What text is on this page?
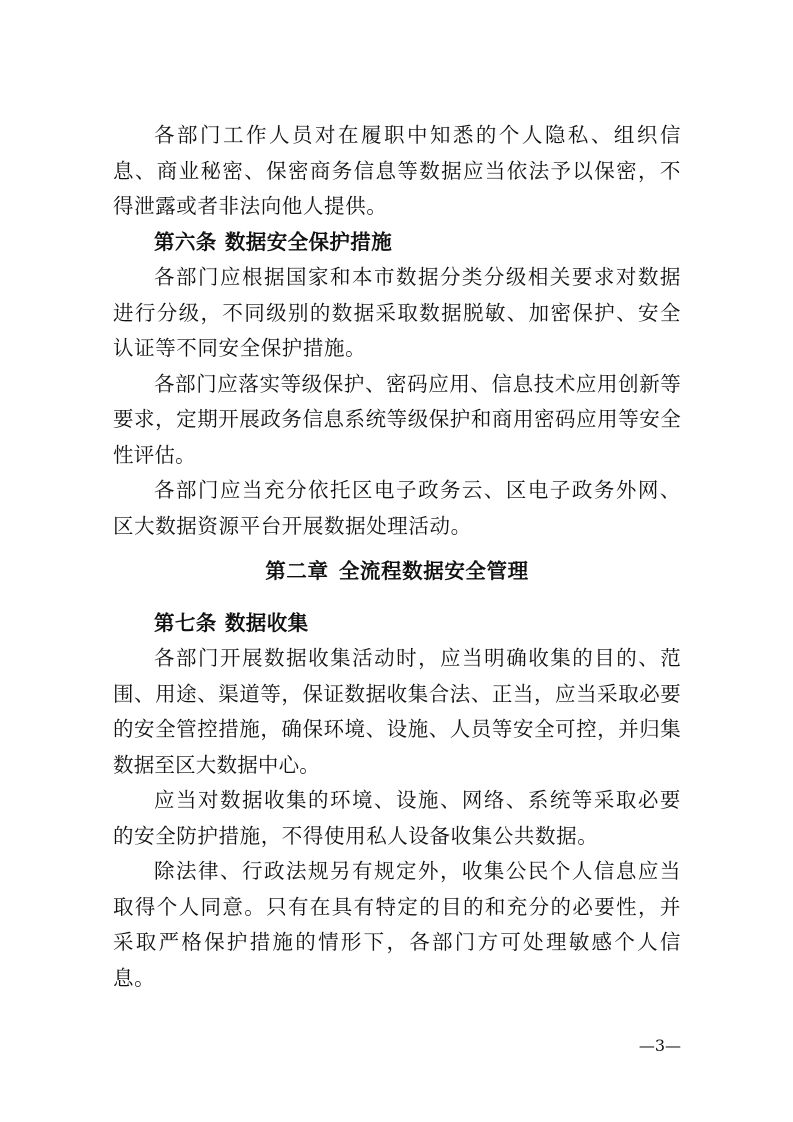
各部门工作人员对在履职中知悉的个人隐私、组织信息、商业秘密、保密商务信息等数据应当依法予以保密，不得泄露或者非法向他人提供。

第六条 数据安全保护措施

各部门应根据国家和本市数据分类分级相关要求对数据进行分级，不同级别的数据采取数据脱敏、加密保护、安全认证等不同安全保护措施。

各部门应落实等级保护、密码应用、信息技术应用创新等要求，定期开展政务信息系统等级保护和商用密码应用等安全性评估。

各部门应当充分依托区电子政务云、区电子政务外网、区大数据资源平台开展数据处理活动。

第二章 全流程数据安全管理
第七条 数据收集

各部门开展数据收集活动时，应当明确收集的目的、范围、用途、渠道等，保证数据收集合法、正当，应当采取必要的安全管控措施，确保环境、设施、人员等安全可控，并归集数据至区大数据中心。

应当对数据收集的环境、设施、网络、系统等采取必要的安全防护措施，不得使用私人设备收集公共数据。

除法律、行政法规另有规定外，收集公民个人信息应当取得个人同意。只有在具有特定的目的和充分的必要性，并采取严格保护措施的情形下，各部门方可处理敏感个人信息。

—3—
